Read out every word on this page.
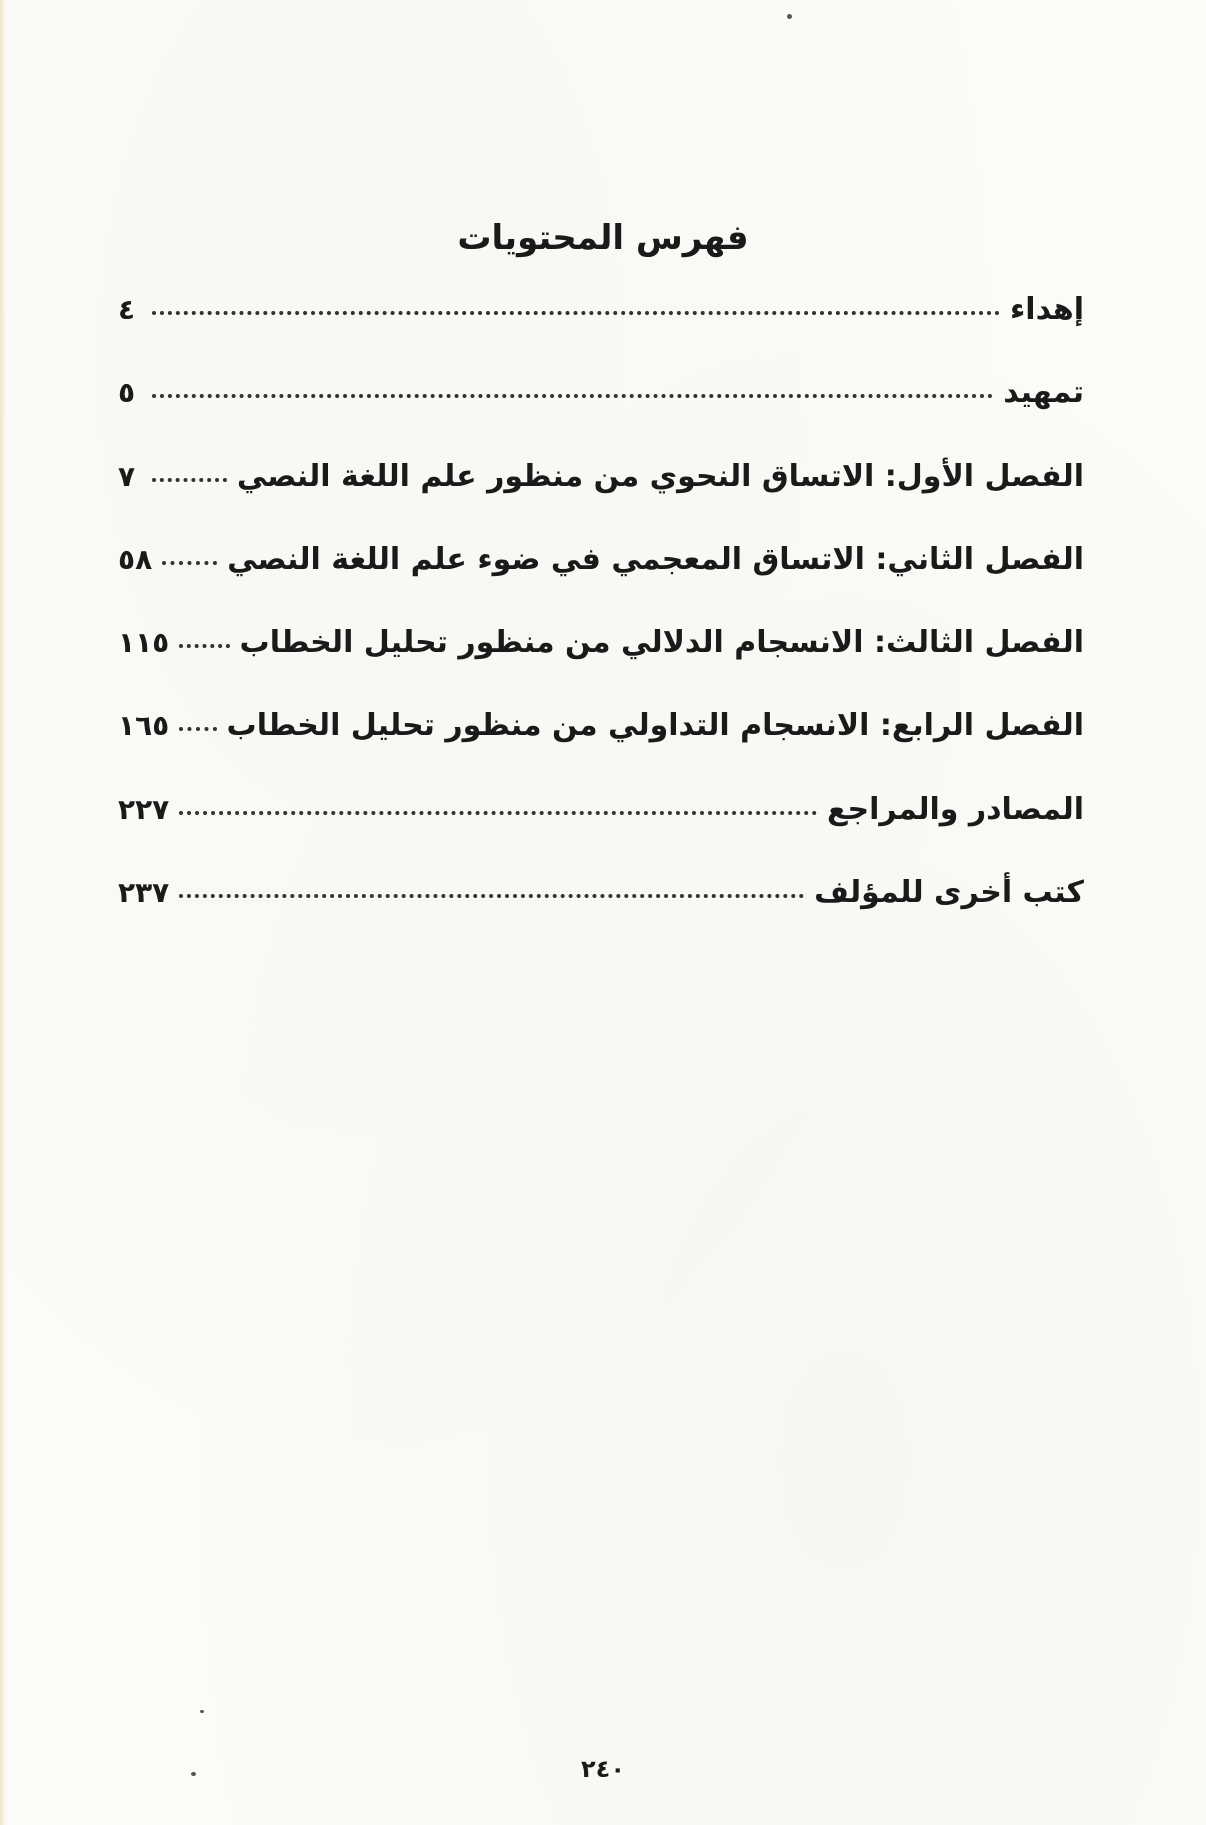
فهرس المحتويات
إهداء
٤
تمهيد
٥
الفصل الأول: الاتساق النحوي من منظور علم اللغة النصي
٧
الفصل الثاني: الاتساق المعجمي في ضوء علم اللغة النصي
٥٨
الفصل الثالث: الانسجام الدلالي من منظور تحليل الخطاب
١١٥
الفصل الرابع: الانسجام التداولي من منظور تحليل الخطاب
١٦٥
المصادر والمراجع
٢٢٧
كتب أخرى للمؤلف
٢٣٧
٢٤٠
